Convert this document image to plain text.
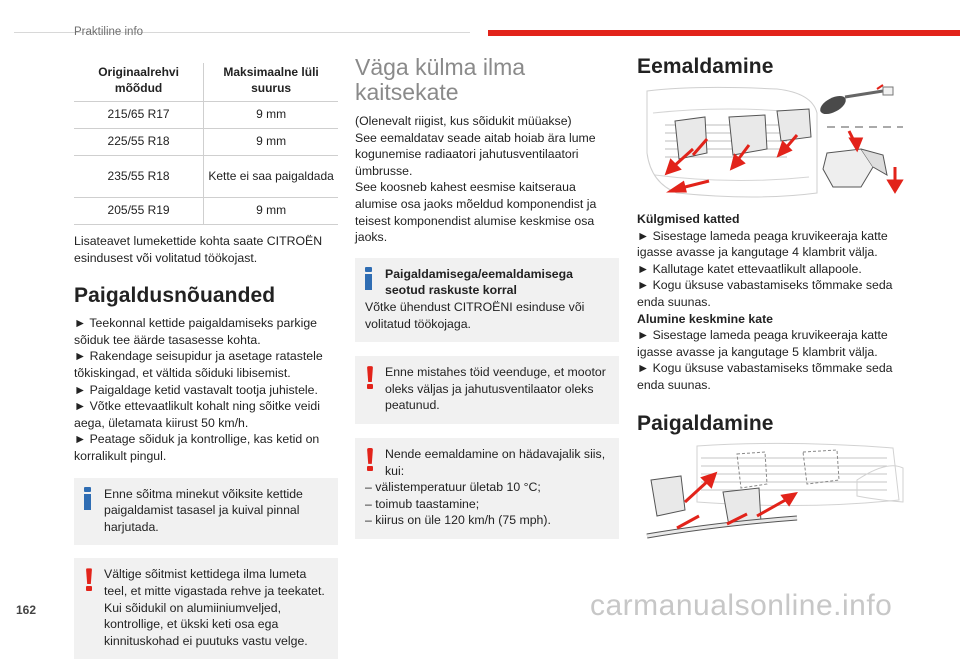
Praktiline info
Originaalrehvi mõõdud	Maksimaalne lüli suurus
215/65 R17	9 mm
225/55 R18	9 mm
235/55 R18	Kette ei saa paigaldada
205/55 R19	9 mm

Lisateavet lumekettide kohta saate CITROËN esindusest või volitatud töökojast.

Paigaldusnõuanded
► Teekonnal kettide paigaldamiseks parkige sõiduk tee äärde tasasesse kohta.
► Rakendage seisupidur ja asetage ratastele tõkiskingad, et vältida sõiduki libisemist.
► Paigaldage ketid vastavalt tootja juhistele.
► Võtke ettevaatlikult kohalt ning sõitke veidi aega, ületamata kiirust 50 km/h.
► Peatage sõiduk ja kontrollige, kas ketid on korralikult pingul.

Enne sõitma minekut võiksite kettide paigaldamist tasasel ja kuival pinnal harjutada.

Vältige sõitmist kettidega ilma lumeta teel, et mitte vigastada rehve ja teekatet. Kui sõidukil on alumiiniumveljed, kontrollige, et ükski keti osa ega kinnituskohad ei puutuks vastu velge.

Väga külma ilma kaitsekate

(Olenevalt riigist, kus sõidukit müüakse)

See eemaldatav seade aitab hoiab ära lume kogunemise radiaatori jahutusventilaatori ümbrusse.

See koosneb kahest eesmise kaitseraua alumise osa jaoks mõeldud komponendist ja teisest komponendist alumise keskmise osa jaoks.

Paigaldamisega/eemaldamisega seotud raskuste korral

Võtke ühendust CITROËNI esinduse või volitatud töökojaga.

Enne mistahes töid veenduge, et mootor oleks väljas ja jahutusventilaator oleks peatunud.

Nende eemaldamine on hädavajalik siis, kui:

– välistemperatuur ületab 10 °C;

– toimub taastamine;

– kiirus on üle 120 km/h (75 mph).

Eemaldamine

Külgmised katted

► Sisestage lameda peaga kruvikeeraja katte igasse avasse ja kangutage 4 klambrit välja.
► Kallutage katet ettevaatlikult allapoole.
► Kogu üksuse vabastamiseks tõmmake seda enda suunas.

Alumine keskmine kate

► Sisestage lameda peaga kruvikeeraja katte igasse avasse ja kangutage 5 klambrit välja.
► Kogu üksuse vabastamiseks tõmmake seda enda suunas.
Paigaldamine
162	carmanualsonline.info
